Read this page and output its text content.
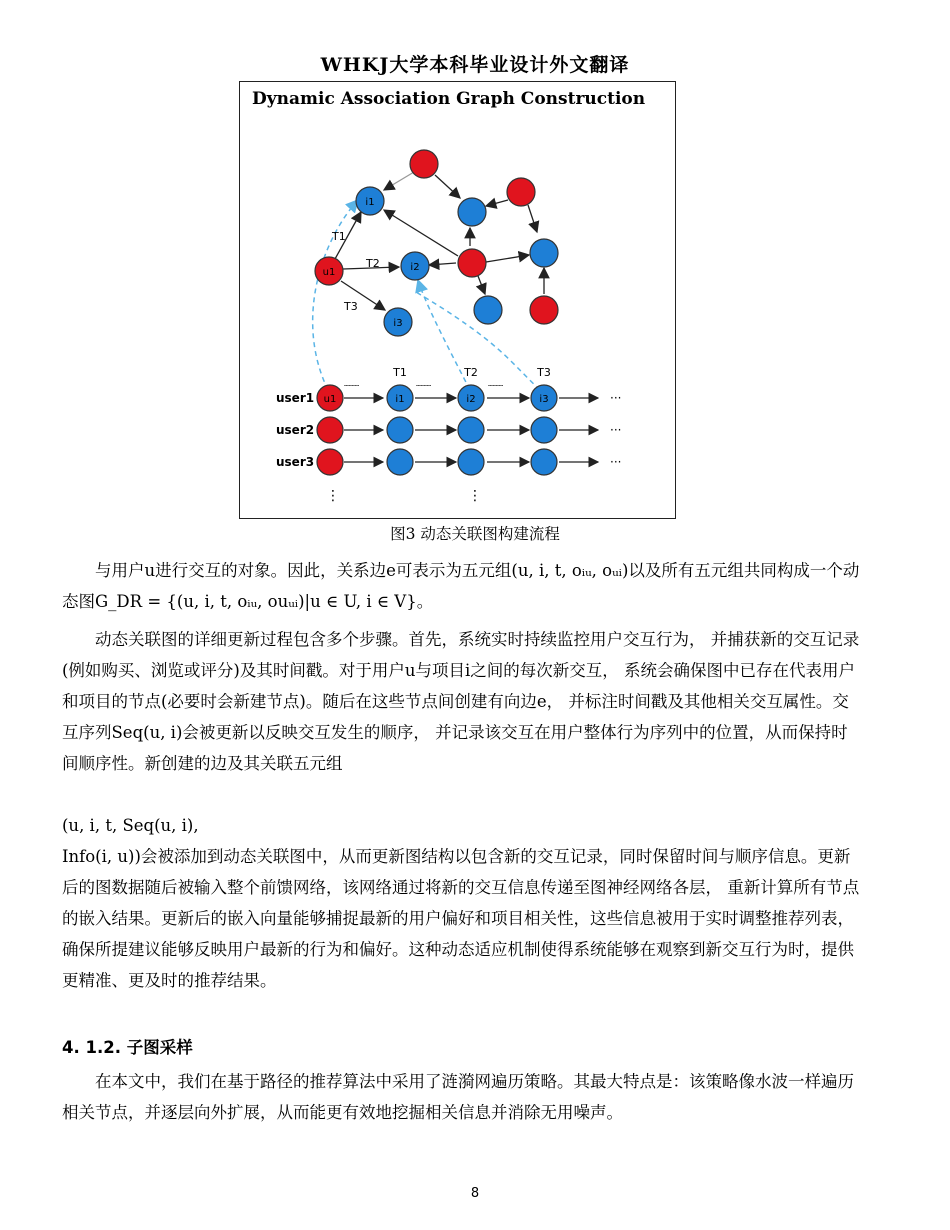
WHKJ大学本科毕业设计外文翻译
Dynamic Association Graph Construction
T1
T2
T3
u1
i1
i2
i3
T1	T2	T3
╍╍╍╍╍	╍╍╍╍╍	╍╍╍╍╍
user1
user2
user3
u1	i1	i2	i3	···
···
···
⋮	⋮
图3 动态关联图构建流程

与用户u进行交互的对象。因此，关系边e可表示为五元组(u, i, t, oᵢᵤ, oᵤᵢ)以及所有五元组共同构成一个动态图G_DR = {(u, i, t, oᵢᵤ, ouᵤᵢ)|u ∈ U, i ∈ V}。

动态关联图的详细更新过程包含多个步骤。首先，系统实时持续监控用户交互行为， 并捕获新的交互记录(例如购买、浏览或评分)及其时间戳。对于用户u与项目i之间的每次新交互， 系统会确保图中已存在代表用户和项目的节点(必要时会新建节点)。随后在这些节点间创建有向边e， 并标注时间戳及其他相关交互属性。交互序列Seq(u, i)会被更新以反映交互发生的顺序， 并记录该交互在用户整体行为序列中的位置，从而保持时间顺序性。新创建的边及其关联五元组

(u, i, t, Seq(u, i),

Info(i, u))会被添加到动态关联图中，从而更新图结构以包含新的交互记录，同时保留时间与顺序信息。更新后的图数据随后被输入整个前馈网络，该网络通过将新的交互信息传递至图神经网络各层， 重新计算所有节点的嵌入结果。更新后的嵌入向量能够捕捉最新的用户偏好和项目相关性，这些信息被用于实时调整推荐列表，确保所提建议能够反映用户最新的行为和偏好。这种动态适应机制使得系统能够在观察到新交互行为时，提供更精准、更及时的推荐结果。

4. 1.2. 子图采样

在本文中，我们在基于路径的推荐算法中采用了涟漪网遍历策略。其最大特点是：该策略像水波一样遍历相关节点，并逐层向外扩展，从而能更有效地挖掘相关信息并消除无用噪声。

8
